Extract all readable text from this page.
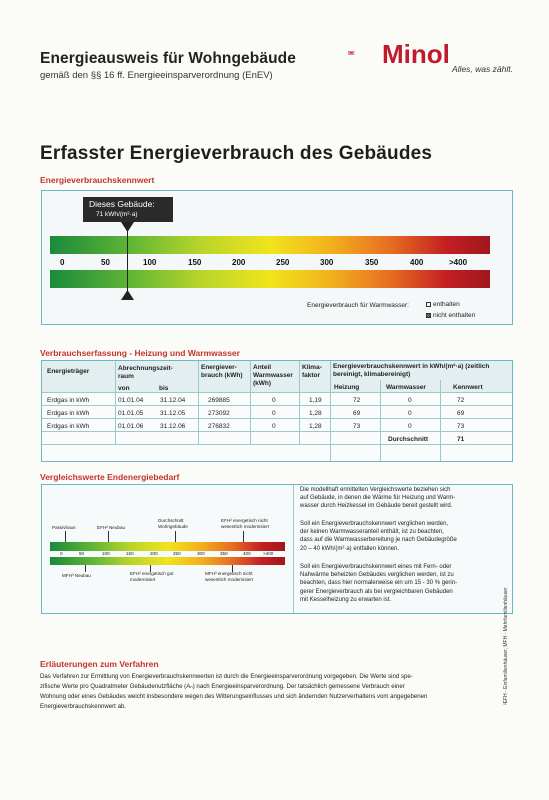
Energieausweis für Wohngebäude
gemäß den §§ 16 ff. Energieeinsparverordnung (EnEV)
Minol Alles, was zählt.
Erfasster Energieverbrauch des Gebäudes
Energieverbrauchskennwert
0	50	100	150	200	250	300	350	400	>400
Dieses Gebäude:
71 kWh/(m²·a)
Energieverbrauch für Warmwasser:	enthalten
nicht enthalten
Verbrauchserfassung - Heizung und Warmwasser
Energieträger	Abrechnungszeit-raum
von	bis
Energiever-brauch (kWh)
Anteil Warmwasser (kWh)
Klima-faktor
Energieverbrauchskennwert in kWh/(m²·a) (zeitlich bereinigt, klimabereinigt)
Heizung	Warmwasser	Kennwert
Erdgas in kWh	01.01.04	31.12.04	269885	0	1,19	72	0	72
Erdgas in kWh	01.01.05	31.12.05	273092	0	1,28	69	0	69
Erdgas in kWh	01.01.06	31.12.06	276832	0	1,28	73	0	73
Durchschnitt	71
Vergleichswerte Endenergiebedarf
Passivhaus	EFH² Neubau
Durchschnitt Wohngebäude
EFH² energetisch nicht wesentlich modernisiert
0	50	100	150	200	250	300	350	400	>400
MFH³ Neubau	EFH² energetisch gut modernisiert
MFH³ energetisch nicht wesentlich modernisiert
Die modellhaft ermittelten Vergleichswerte beziehen sich
auf Gebäude, in denen die Wärme für Heizung und Warm-
wasser durch Heizkessel im Gebäude bereit gestellt wird.
Soll ein Energieverbrauchskennwert verglichen werden,
der keinen Warmwasseranteil enthält, ist zu beachten,
dass auf die Warmwasserbereitung je nach Gebäudegröße
20 – 40 kWh/(m²·a) entfallen können.
Soll ein Energieverbrauchskennwert eines mit Fern- oder
Nahwärme beheizten Gebäudes verglichen werden, ist zu
beachten, dass hier normalerweise ein um 15 - 30 % gerin-
gerer Energieverbrauch als bei vergleichbaren Gebäuden
mit Kesselheizung zu erwarten ist.
Erläuterungen zum Verfahren
Das Verfahren zur Ermittlung von Energieverbrauchskennwerten ist durch die Energieeinsparverordnung vorgegeben. Die Werte sind spe-
zifische Werte pro Quadratmeter Gebäudenutzfläche (Aₙ) nach Energieeinsparverordnung. Der tatsächlich gemessene Verbrauch einer
Wohnung oder eines Gebäudes weicht insbesondere wegen des Witterungseinflusses und sich ändernden Nutzerverhaltens vom angegebenen
Energieverbrauchskennwert ab.
²EFH - Einfamilienhäuser, MFH - Mehrfamilienhäuser
